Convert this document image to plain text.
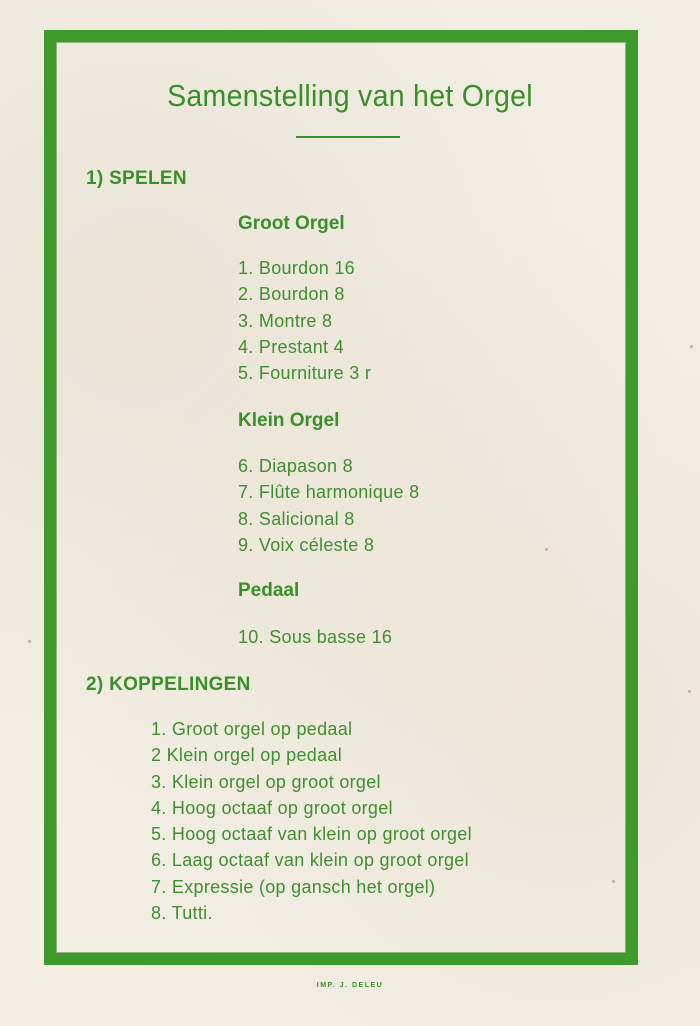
Samenstelling van het Orgel
1) SPELEN
Groot Orgel
1. Bourdon 16
2. Bourdon 8
3. Montre 8
4. Prestant 4
5. Fourniture 3 r
Klein Orgel
6. Diapason 8
7. Flûte harmonique 8
8. Salicional 8
9. Voix céleste 8
Pedaal
10. Sous basse 16
2) KOPPELINGEN
1. Groot orgel op pedaal
2 Klein orgel op pedaal
3. Klein orgel op groot orgel
4. Hoog octaaf op groot orgel
5. Hoog octaaf van klein op groot orgel
6. Laag octaaf van klein op groot orgel
7. Expressie (op gansch het orgel)
8. Tutti.
IMP. J. DELEU
